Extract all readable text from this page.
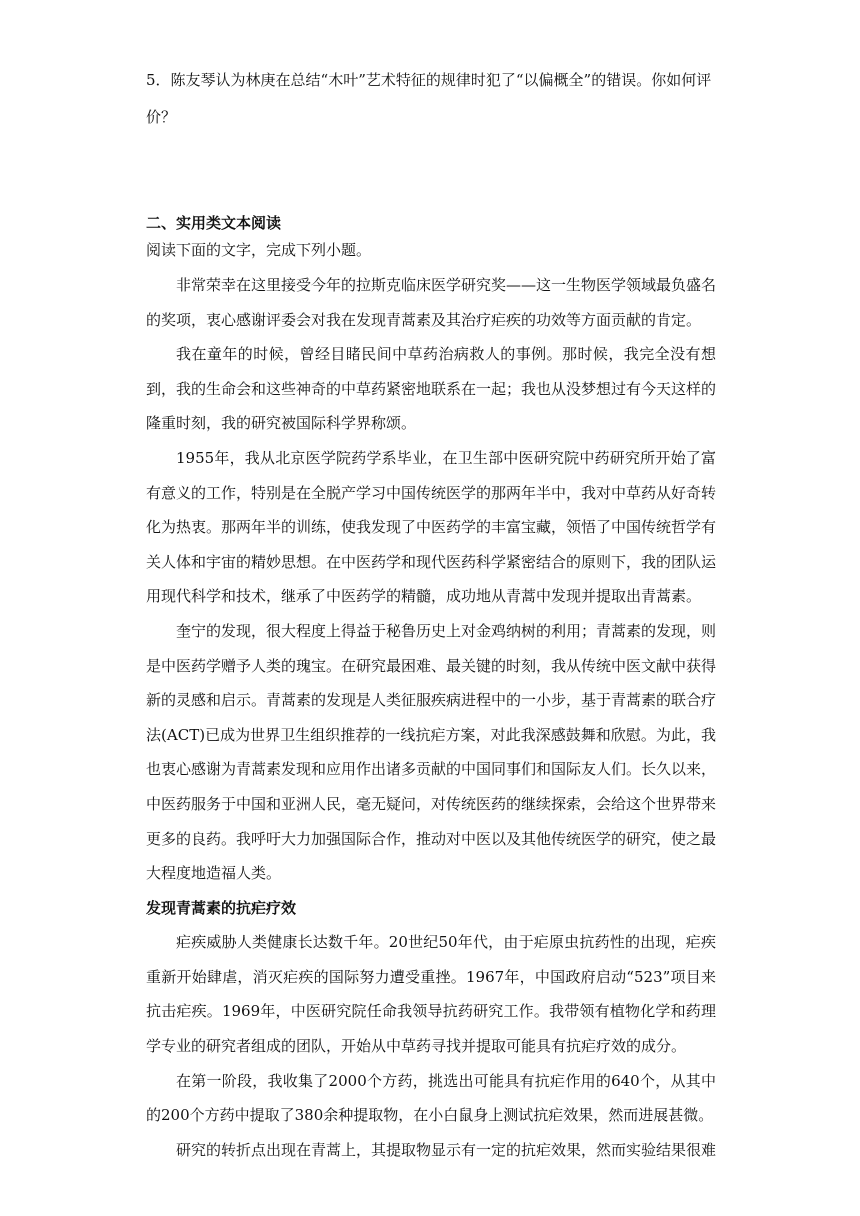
5．陈友琴认为林庚在总结“木叶”艺术特征的规律时犯了“以偏概全”的错误。你如何评价？
二、实用类文本阅读
阅读下面的文字，完成下列小题。

非常荣幸在这里接受今年的拉斯克临床医学研究奖——这一生物医学领域最负盛名的奖项，衷心感谢评委会对我在发现青蒿素及其治疗疟疾的功效等方面贡献的肯定。

我在童年的时候，曾经目睹民间中草药治病救人的事例。那时候，我完全没有想到，我的生命会和这些神奇的中草药紧密地联系在一起；我也从没梦想过有今天这样的隆重时刻，我的研究被国际科学界称颂。

1955年，我从北京医学院药学系毕业，在卫生部中医研究院中药研究所开始了富有意义的工作，特别是在全脱产学习中国传统医学的那两年半中，我对中草药从好奇转化为热衷。那两年半的训练，使我发现了中医药学的丰富宝藏，领悟了中国传统哲学有关人体和宇宙的精妙思想。在中医药学和现代医药科学紧密结合的原则下，我的团队运用现代科学和技术，继承了中医药学的精髓，成功地从青蒿中发现并提取出青蒿素。

奎宁的发现，很大程度上得益于秘鲁历史上对金鸡纳树的利用；青蒿素的发现，则是中医药学赠予人类的瑰宝。在研究最困难、最关键的时刻，我从传统中医文献中获得新的灵感和启示。青蒿素的发现是人类征服疾病进程中的一小步，基于青蒿素的联合疗法(ACT)已成为世界卫生组织推荐的一线抗疟方案，对此我深感鼓舞和欣慰。为此，我也衷心感谢为青蒿素发现和应用作出诸多贡献的中国同事们和国际友人们。长久以来，中医药服务于中国和亚洲人民，毫无疑问，对传统医药的继续探索，会给这个世界带来更多的良药。我呼吁大力加强国际合作，推动对中医以及其他传统医学的研究，使之最大程度地造福人类。

发现青蒿素的抗疟疗效

疟疾威胁人类健康长达数千年。20世纪50年代，由于疟原虫抗药性的出现，疟疾重新开始肆虐，消灭疟疾的国际努力遭受重挫。1967年，中国政府启动“523”项目来抗击疟疾。1969年，中医研究院任命我领导抗药研究工作。我带领有植物化学和药理学专业的研究者组成的团队，开始从中草药寻找并提取可能具有抗疟疗效的成分。

在第一阶段，我收集了2000个方药，挑选出可能具有抗疟作用的640个，从其中的200个方药中提取了380余种提取物，在小白鼠身上测试抗疟效果，然而进展甚微。

研究的转折点出现在青蒿上，其提取物显示有一定的抗疟效果，然而实验结果很难
